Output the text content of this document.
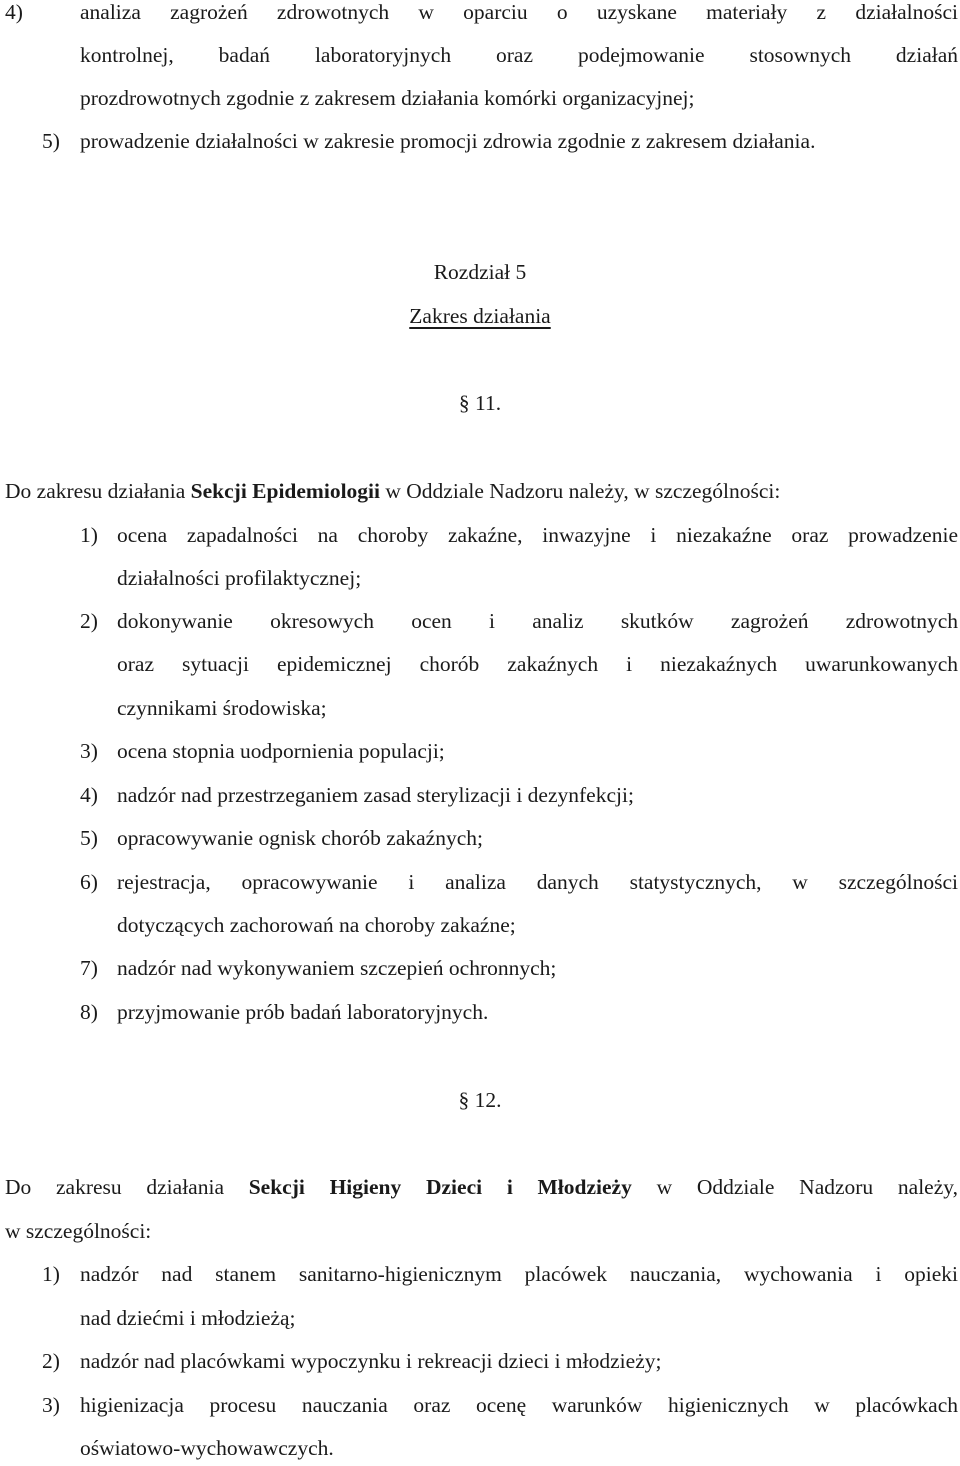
4)	analiza zagrożeń zdrowotnych w oparciu o uzyskane materiały z działalności
kontrolnej, badań laboratoryjnych oraz podejmowanie stosownych działań
prozdrowotnych zgodnie z zakresem działania komórki organizacyjnej;
5) prowadzenie działalności w zakresie promocji zdrowia zgodnie z zakresem działania.
Rozdział 5
Zakres działania
§ 11.
Do zakresu działania Sekcji Epidemiologii w Oddziale Nadzoru należy, w szczególności:
1) ocena zapadalności na choroby zakaźne, inwazyjne i niezakaźne oraz prowadzenie
działalności profilaktycznej;
2) dokonywanie okresowych ocen i analiz skutków zagrożeń zdrowotnych
oraz sytuacji epidemicznej chorób zakaźnych i niezakaźnych uwarunkowanych
czynnikami środowiska;
3) ocena stopnia uodpornienia populacji;
4) nadzór nad przestrzeganiem zasad sterylizacji i dezynfekcji;
5) opracowywanie ognisk chorób zakaźnych;
6) rejestracja, opracowywanie i analiza danych statystycznych, w szczególności
dotyczących zachorowań na choroby zakaźne;
7) nadzór nad wykonywaniem szczepień ochronnych;
8) przyjmowanie prób badań laboratoryjnych.
§ 12.
Do zakresu działania Sekcji Higieny Dzieci i Młodzieży w Oddziale Nadzoru należy,
w szczególności:
1) nadzór nad stanem sanitarno-higienicznym placówek nauczania, wychowania i opieki
nad dziećmi i młodzieżą;
2) nadzór nad placówkami wypoczynku i rekreacji dzieci i młodzieży;
3) higienizacja procesu nauczania oraz ocenę warunków higienicznych w placówkach
oświatowo-wychowawczych.
